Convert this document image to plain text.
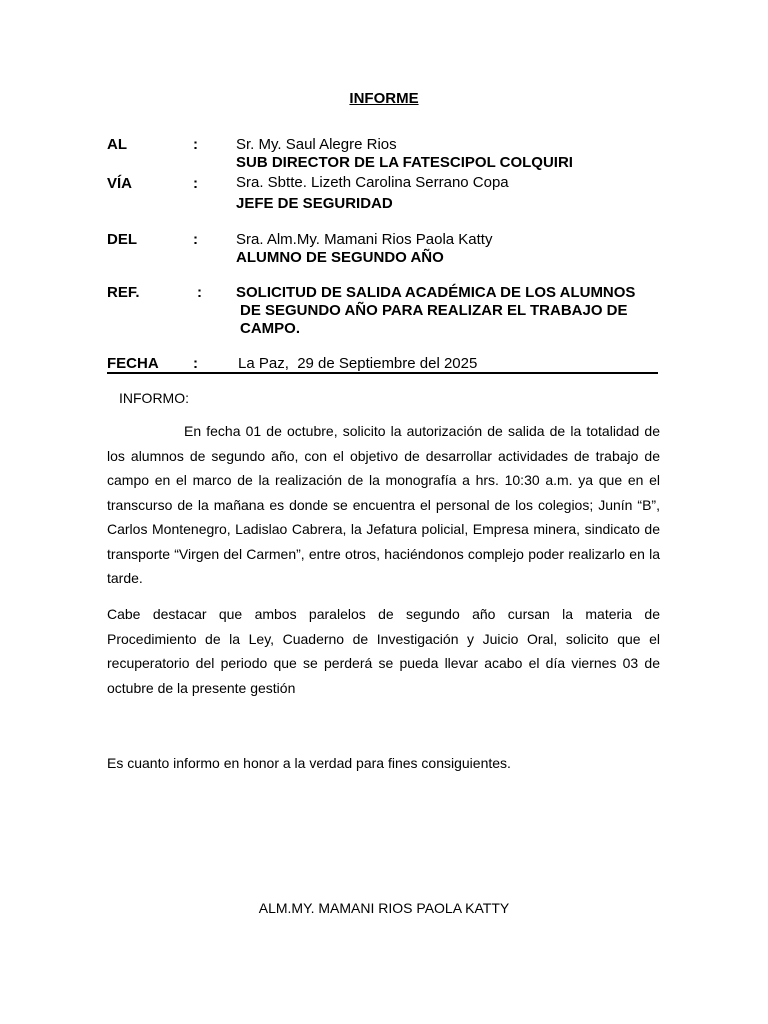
INFORME
AL	:	Sr. My. Saul Alegre Rios
SUB DIRECTOR DE LA FATESCIPOL COLQUIRI
VÍA	:	Sra. Sbtte. Lizeth Carolina Serrano Copa
JEFE DE SEGURIDAD
DEL	:	Sra. Alm.My. Mamani Rios Paola Katty
ALUMNO DE SEGUNDO AÑO
REF.	: SOLICITUD DE SALIDA ACADÉMICA DE LOS ALUMNOS
DE SEGUNDO AÑO PARA REALIZAR EL TRABAJO DE
CAMPO.
FECHA :	La Paz,  29 de Septiembre del 2025
INFORMO:
En fecha 01 de octubre, solicito la autorización de salida de la totalidad de los alumnos de segundo año, con el objetivo de desarrollar actividades de trabajo de campo en el marco de la realización de la monografía a hrs. 10:30 a.m. ya que en el transcurso de la mañana es donde se encuentra el personal de los colegios; Junín “B”, Carlos Montenegro, Ladislao Cabrera, la Jefatura policial, Empresa minera, sindicato de transporte “Virgen del Carmen”, entre otros, haciéndonos complejo poder realizarlo en la tarde.
Cabe destacar que ambos paralelos de segundo año cursan la materia de Procedimiento de la Ley, Cuaderno de Investigación y Juicio Oral, solicito que el recuperatorio del periodo que se perderá se pueda llevar acabo el día viernes 03 de octubre de la presente gestión
Es cuanto informo en honor a la verdad para fines consiguientes.
ALM.MY. MAMANI RIOS PAOLA KATTY
